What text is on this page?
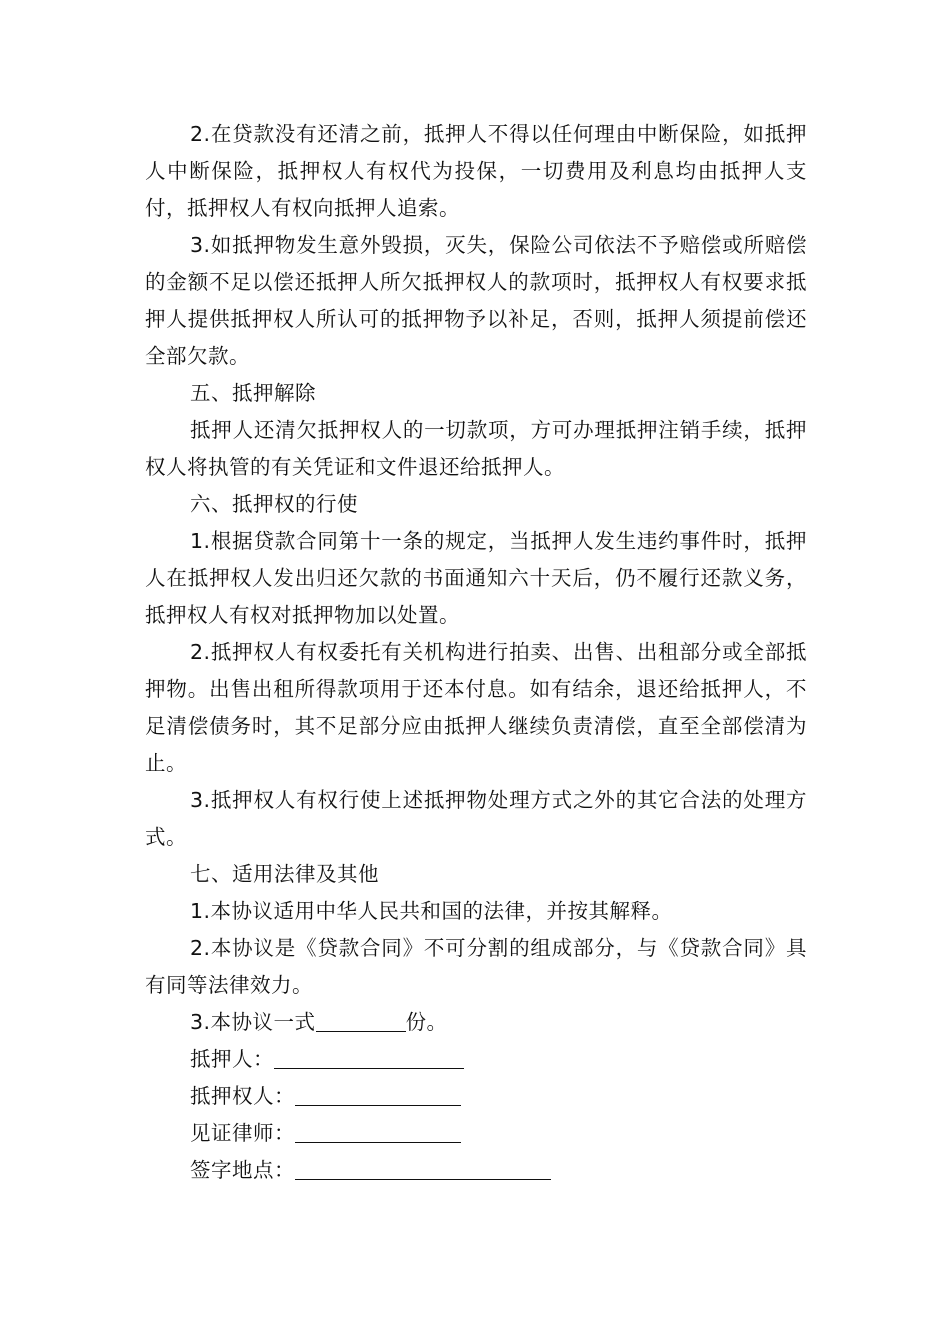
2.在贷款没有还清之前，抵押人不得以任何理由中断保险，如抵押人中断保险，抵押权人有权代为投保，一切费用及利息均由抵押人支付，抵押权人有权向抵押人追索。

3.如抵押物发生意外毁损，灭失，保险公司依法不予赔偿或所赔偿的金额不足以偿还抵押人所欠抵押权人的款项时，抵押权人有权要求抵押人提供抵押权人所认可的抵押物予以补足，否则，抵押人须提前偿还全部欠款。

五、抵押解除

抵押人还清欠抵押权人的一切款项，方可办理抵押注销手续，抵押权人将执管的有关凭证和文件退还给抵押人。

六、抵押权的行使

1.根据贷款合同第十一条的规定，当抵押人发生违约事件时，抵押人在抵押权人发出归还欠款的书面通知六十天后，仍不履行还款义务，抵押权人有权对抵押物加以处置。

2.抵押权人有权委托有关机构进行拍卖、出售、出租部分或全部抵押物。出售出租所得款项用于还本付息。如有结余，退还给抵押人，不足清偿债务时，其不足部分应由抵押人继续负责清偿，直至全部偿清为止。

3.抵押权人有权行使上述抵押物处理方式之外的其它合法的处理方式。

七、适用法律及其他

1.本协议适用中华人民共和国的法律，并按其解释。

2.本协议是《贷款合同》不可分割的组成部分，与《贷款合同》具有同等法律效力。

3.本协议一式	份。

抵押人：

抵押权人：

见证律师：

签字地点：
